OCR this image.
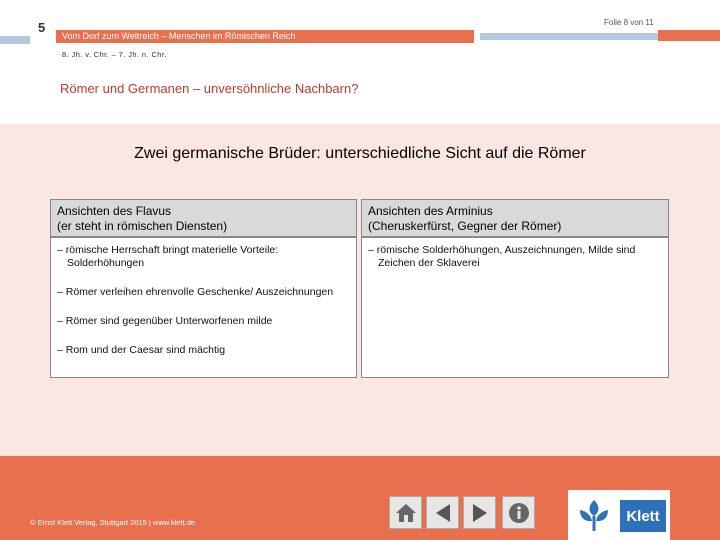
5
Vom Dorf zum Weltreich – Menschen im Römischen Reich
Folie 8 von 11
8. Jh. v. Chr. – 7. Jh. n. Chr.
Römer und Germanen – unversöhnliche Nachbarn?
Zwei germanische Brüder: unterschiedliche Sicht auf die Römer
Ansichten des Flavus
(er steht in römischen Diensten)
– römische Herrschaft bringt materielle Vorteile: Solderhöhungen
– Römer verleihen ehrenvolle Geschenke/ Auszeichnungen
– Römer sind gegenüber Unterworfenen milde
– Rom und der Caesar sind mächtig
Ansichten des Arminius
(Cheruskerfürst, Gegner der Römer)
– römische Solderhöhungen, Auszeichnungen, Milde sind Zeichen der Sklaverei
© Ernst Klett Verlag, Stuttgart 2015 | www.klett.de	Klett
